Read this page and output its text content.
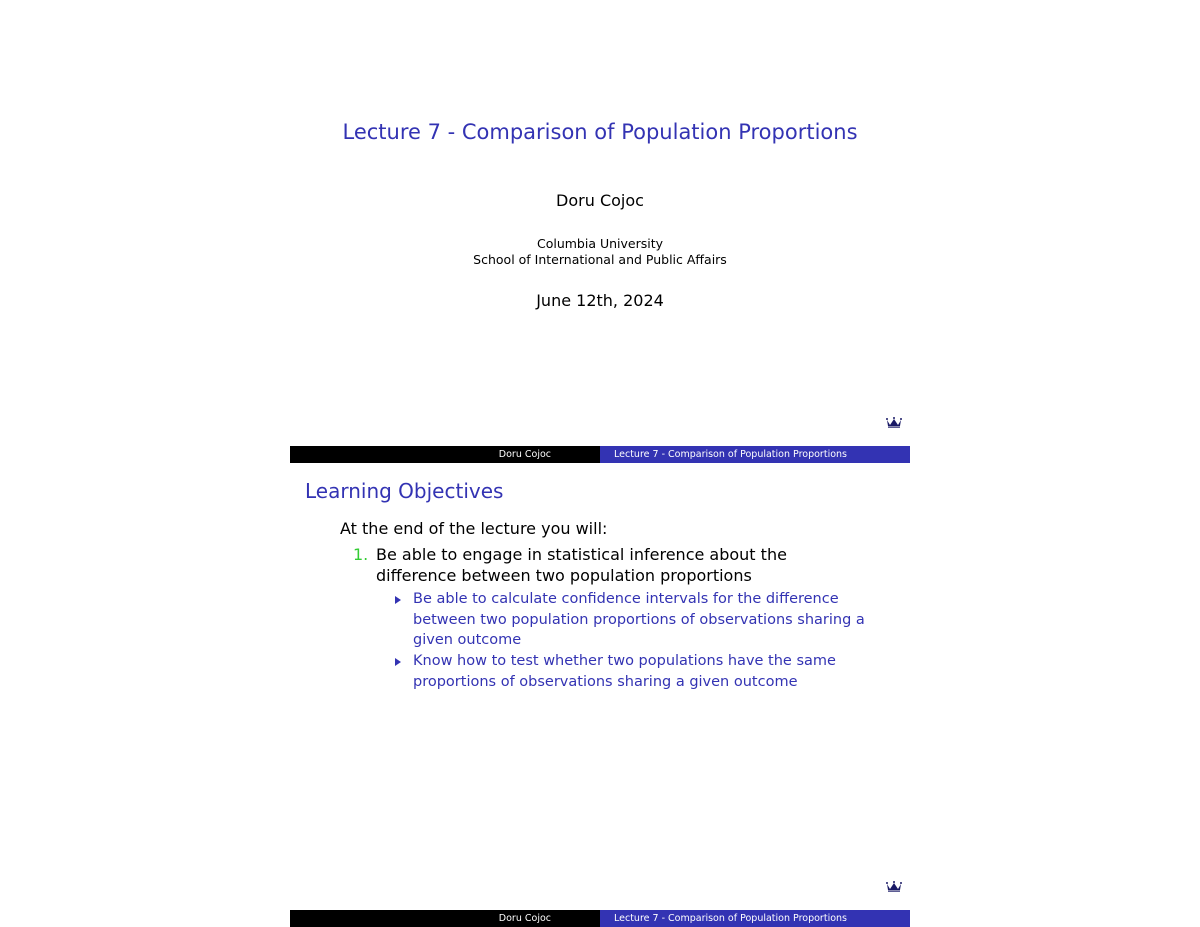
Lecture 7 - Comparison of Population Proportions
Doru Cojoc
Columbia University
School of International and Public Affairs
June 12th, 2024
Doru Cojoc	Lecture 7 - Comparison of Population Proportions
Learning Objectives
At the end of the lecture you will:
1. Be able to engage in statistical inference about the difference between two population proportions
Be able to calculate confidence intervals for the difference between two population proportions of observations sharing a given outcome
Know how to test whether two populations have the same proportions of observations sharing a given outcome
Doru Cojoc	Lecture 7 - Comparison of Population Proportions
